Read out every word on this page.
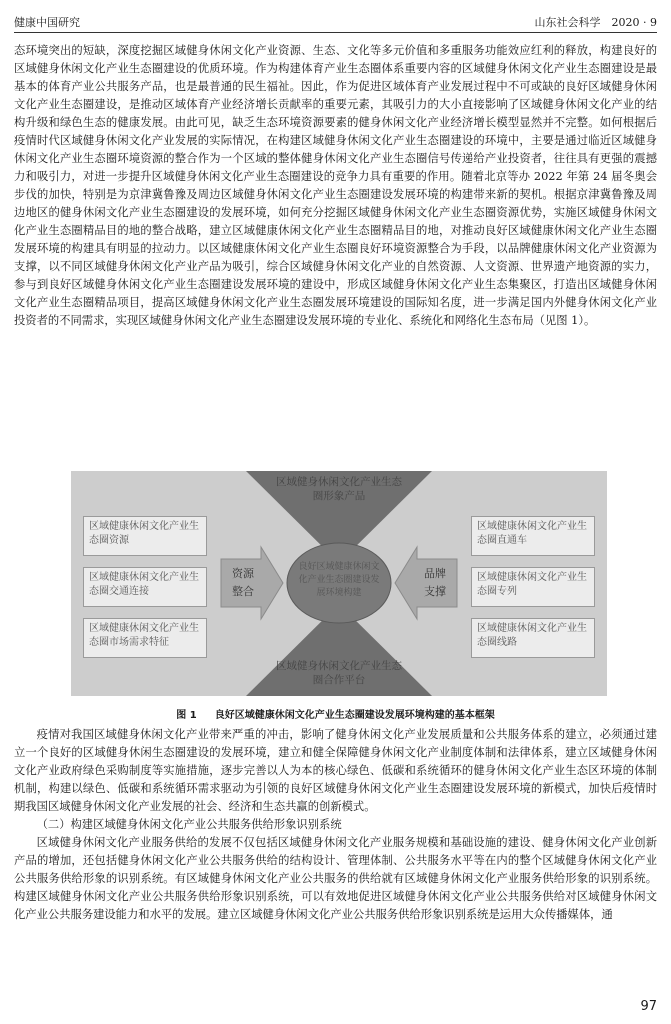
健康中国研究	山东社会科学　2020 · 9

态环境突出的短缺，深度挖掘区域健身休闲文化产业资源、生态、文化等多元价值和多重服务功能效应红利的释放，构建良好的区域健身休闲文化产业生态圈建设的优质环境。作为构建体育产业生态圈体系重要内容的区域健身休闲文化产业生态圈建设是最基本的体育产业公共服务产品，也是最普通的民生福祉。因此，作为促进区域体育产业发展过程中不可或缺的良好区域健身休闲文化产业生态圈建设，是推动区域体育产业经济增长贡献率的重要元素，其吸引力的大小直接影响了区域健身休闲文化产业的结构升级和绿色生态的健康发展。由此可见，缺乏生态环境资源要素的健身休闲文化产业经济增长模型显然并不完整。如何根据后疫情时代区域健身休闲文化产业发展的实际情况，在构建区域健身休闲文化产业生态圈建设的环境中，主要是通过临近区域健身休闲文化产业生态圈环境资源的整合作为一个区域的整体健身休闲文化产业生态圈信号传递给产业投资者，往往具有更强的震撼力和吸引力，对进一步提升区域健身休闲文化产业生态圈建设的竞争力具有重要的作用。随着北京等办 2022 年第 24 届冬奥会步伐的加快，特别是为京津冀鲁豫及周边区域健身休闲文化产业生态圈建设发展环境的构建带来新的契机。根据京津冀鲁豫及周边地区的健身休闲文化产业生态圈建设的发展环境，如何充分挖掘区域健身休闲文化产业生态圈资源优势，实施区域健身休闲文化产业生态圈精品目的地的整合战略，建立区域健康休闲文化产业生态圈精品目的地，对推动良好区域健康休闲文化产业生态圈发展环境的构建具有明显的拉动力。以区域健康休闲文化产业生态圈良好环境资源整合为手段，以品牌健康休闲文化产业资源为支撑，以不同区域健身休闲文化产业产品为吸引，综合区域健身休闲文化产业的自然资源、人文资源、世界遗产地资源的实力，参与到良好区域健身休闲文化产业生态圈建设发展环境的建设中，形成区域健身休闲文化产业生态集聚区，打造出区域健身休闲文化产业生态圈精品项目，提高区域健身休闲文化产业生态圈发展环境建设的国际知名度，进一步满足国内外健身休闲文化产业投资者的不同需求，实现区域健身休闲文化产业生态圈建设发展环境的专业化、系统化和网络化生态布局（见图 1）。

区域健身休闲文化产业生态圈形象产品
区域健身休闲文化产业生态圈合作平台
良好区域健康休闲文化产业生态圈建设发展环境构建
资源整合
品牌支撑
区域健康休闲文化产业生态圈资源
区域健康休闲文化产业生态圈交通连接
区域健康休闲文化产业生态圈市场需求特征
区域健康休闲文化产业生态圈直通车
区域健康休闲文化产业生态圈专列
区域健康休闲文化产业生态圈线路
图 1 良好区域健康休闲文化产业生态圈建设发展环境构建的基本框架

疫情对我国区域健身休闲文化产业带来严重的冲击，影响了健身休闲文化产业发展质量和公共服务体系的建立，必须通过建立一个良好的区域健身休闲生态圈建设的发展环境，建立和健全保障健身休闲文化产业制度体制和法律体系，建立区域健身休闲文化产业政府绿色采购制度等实施措施，逐步完善以人为本的核心绿色、低碳和系统循环的健身休闲文化产业生态区环境的体制机制，构建以绿色、低碳和系统循环需求驱动为引领的良好区域健身休闲文化产业生态圈建设发展环境的新模式，加快后疫情时期我国区域健身休闲文化产业发展的社会、经济和生态共赢的创新模式。

（二）构建区域健身休闲文化产业公共服务供给形象识别系统

区域健身休闲文化产业服务供给的发展不仅包括区域健身休闲文化产业服务规模和基础设施的建设、健身休闲文化产业创新产品的增加，还包括健身休闲文化产业公共服务供给的结构设计、管理体制、公共服务水平等在内的整个区域健身休闲文化产业公共服务供给形象的识别系统。有区域健身休闲文化产业公共服务的供给就有区域健身休闲文化产业服务供给形象的识别系统。构建区域健身休闲文化产业公共服务供给形象识别系统，可以有效地促进区域健身休闲文化产业公共服务供给对区域健身休闲文化产业公共服务建设能力和水平的发展。建立区域健身休闲文化产业公共服务供给形象识别系统是运用大众传播媒体，通

97
